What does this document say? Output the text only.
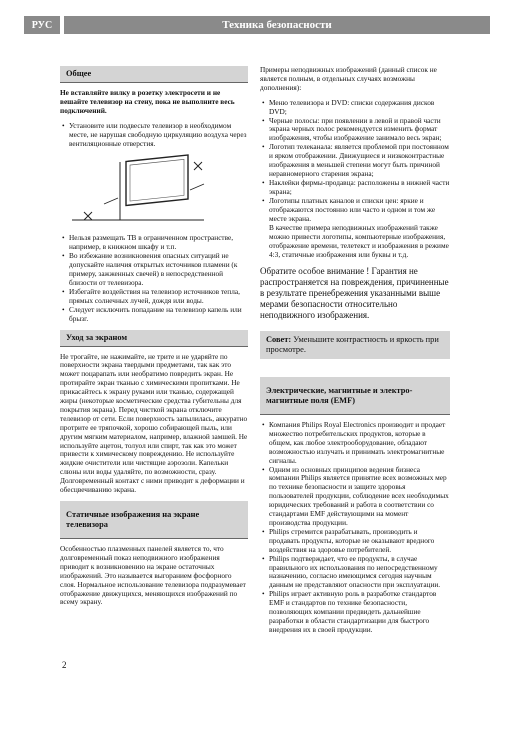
РУС	Техника безопасности
Общее

Не вставляйте вилку в розетку электросети и не вешайте телевизор на стену, пока не выполните весь подключений.

• Установите или подвесьте телевизор в необходимом месте, не нарушая свободную циркуляцию воздуха через вентиляционные отверстия.
• Нельзя размещать ТВ в ограниченном пространстве, например, в книжном шкафу и т.п.
• Во избежание возникновения опасных ситуаций не допускайте наличия открытых источников пламени (к примеру, зажженных свечей) в непосредственной близости от телевизора.
• Избегайте воздействия на телевизор источников тепла, прямых солнечных лучей, дождя или воды.
• Следует исключить попадание на телевизор капель или брызг.
Уход за экраном

Не трогайте, не нажимайте, не трите и не ударяйте по поверхности экрана твердыми предметами, так как это может поцарапать или необратимо повредить экран. Не протирайте экран тканью с химическими пропитками. Не прикасайтесь к экрану руками или тканью, содержащей жиры (некоторые косметические средства губительны для покрытия экрана). Перед чисткой экрана отключите телевизор от сети. Если поверхность запылилась, аккуратно протрите ее тряпочкой, хорошо собирающей пыль, или другим мягким материалом, например, влажной замшей. Не используйте ацетон, толуол или спирт, так как это может привести к химическому повреждению. Не используйте жидкие очистители или чистящие аэрозоли. Капельки слюны или воды удаляйте, по возможности, сразу. Долговременный контакт с ними приводит к деформации и обесцвечиванию экрана.

Статичные изображения на экране телевизора

Особенностью плазменных панелей является то, что долговременный показ неподвижного изображения приводит к возникновению на экране остаточных изображений. Это называется выгоранием фосфорного слоя. Нормальное использование телевизора подразумевает отображение движущихся, меняющихся изображений по всему экрану.

Примеры неподвижных изображений (данный список не является полным, в отдельных случаях возможны дополнения):

• Меню телевизора и DVD: списки содержания дисков DVD;
• Черные полосы: при появлении в левой и правой части экрана черных полос рекомендуется изменить формат изображения, чтобы изображение занимало весь экран;
• Логотип телеканала: является проблемой при постоянном и ярком отображении. Движущиеся и низкоконтрастные изображения в меньшей степени могут быть причиной неравномерного старения экрана;
• Наклейки фирмы-продавца: расположены в нижней части экрана;
• Логотипы платных каналов и списки цен: яркие и отображаются постоянно или часто и одном и том же месте экрана.

В качестве примера неподвижных изображений также можно привести логотипы, компьютерные изображения, отображение времени, телетекст и изображения в режиме 4:3, статичные изображения или буквы и т.д.

Обратите особое внимание ! Гарантия не распространяется на повреждения, причиненные в результате пренебрежения указанными выше мерами безопасности относительно неподвижного изображения.

Совет: Уменьшите контрастность и яркость при просмотре.
Электрические, магнитные и электро-магнитные поля (EMF)
• Компания Philips Royal Electronics производит и продает множество потребительских продуктов, которые в общем, как любое электрооборудование, обладают возможностью излучать и принимать электромагнитные сигналы.
• Одним из основных принципов ведения бизнеса компании Philips является принятие всех возможных мер по технике безопасности и защите здоровья пользователей продукции, соблюдение всех необходимых юридических требований и работа в соответствии со стандартами EMF действующими на момент производства продукции.
• Philips стремится разрабатывать, производить и продавать продукты, которые не оказывают вредного воздействия на здоровье потребителей.
• Philips подтверждает, что ее продукты, в случае правильного их использования по непосредственному назначению, согласно имеющимся сегодня научным данным не представляют опасности при эксплуатации.
• Philips играет активную роль в разработке стандартов EMF и стандартов по технике безопасности, позволяющих компании предвидеть дальнейшие разработки в области стандартизации для быстрого внедрения их в своей продукции.
2
